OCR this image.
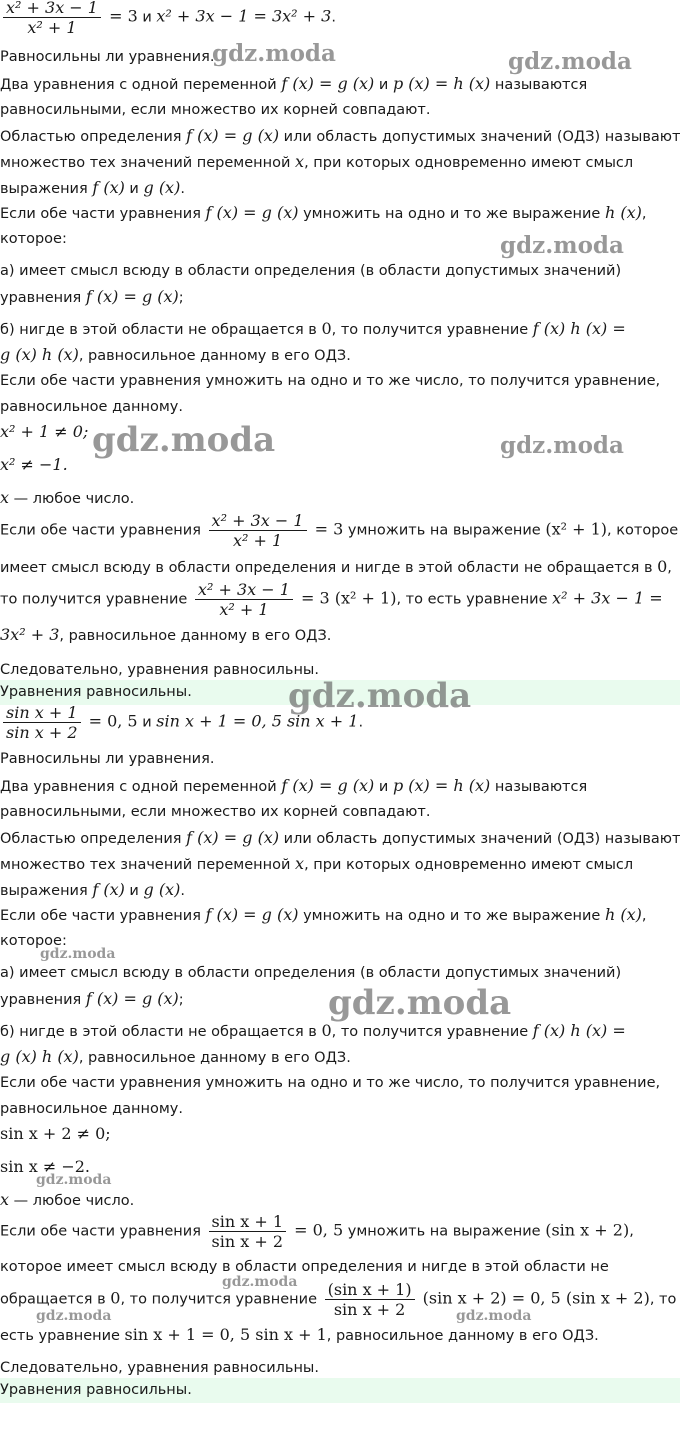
$\frac{\text{x² + 3x − 1}}{\text{x² + 1}} = 3$ и x² + 3x − 1 = 3x² + 3.
Равносильны ли уравнения.
Два уравнения с одной переменной f (x) = g (x) и p (x) = h (x) называются
равносильными, если множество их корней совпадают.
Областью определения f (x) = g (x) или область допустимых значений (ОДЗ) называют
множество тех значений переменной x, при которых одновременно имеют смысл
выражения f (x) и g (x).
Если обе части уравнения f (x) = g (x) умножить на одно и то же выражение h (x),
которое:
а) имеет смысл всюду в области определения (в области допустимых значений)
уравнения f (x) = g (x);
б) нигде в этой области не обращается в 0, то получится уравнение f (x) h (x) =
g (x) h (x), равносильное данному в его ОДЗ.
Если обе части уравнения умножить на одно и то же число, то получится уравнение,
равносильное данному.
x² + 1 ≠ 0;
x² ≠ −1.
x — любое число.
Если обе части уравнения $\frac{\text{x² + 3x − 1}}{\text{x² + 1}} = 3$ умножить на выражение (x² + 1), которое
имеет смысл всюду в области определения и нигде в этой области не обращается в 0,
то получится уравнение $\frac{\text{x² + 3x − 1}}{\text{x² + 1}} = 3$ (x² + 1), то есть уравнение x² + 3x − 1 =
3x² + 3, равносильное данному в его ОДЗ.
Следовательно, уравнения равносильны.
Уравнения равносильны.
$\frac{\text{sin x + 1}}{\text{sin x + 2}} = 0$, 5 и sin x + 1 = 0, 5 sin x + 1.
Равносильны ли уравнения.
Два уравнения с одной переменной f (x) = g (x) и p (x) = h (x) называются
равносильными, если множество их корней совпадают.
Областью определения f (x) = g (x) или область допустимых значений (ОДЗ) называют
множество тех значений переменной x, при которых одновременно имеют смысл
выражения f (x) и g (x).
Если обе части уравнения f (x) = g (x) умножить на одно и то же выражение h (x),
которое:
а) имеет смысл всюду в области определения (в области допустимых значений)
уравнения f (x) = g (x);
б) нигде в этой области не обращается в 0, то получится уравнение f (x) h (x) =
g (x) h (x), равносильное данному в его ОДЗ.
Если обе части уравнения умножить на одно и то же число, то получится уравнение,
равносильное данному.
sin x + 2 ≠ 0;
sin x ≠ −2.
x — любое число.
Если обе части уравнения $\frac{\text{sin x + 1}}{\text{sin x + 2}} = 0$, 5 умножить на выражение (sin x + 2),
которое имеет смысл всюду в области определения и нигде в этой области не
обращается в 0, то получится уравнение $\frac{\text{(sin x + 1)}}{\text{sin x + 2}} (\sin$ x + 2) = 0, 5 (sin x + 2), то
есть уравнение sin x + 1 = 0, 5 sin x + 1, равносильное данному в его ОДЗ.
Следовательно, уравнения равносильны.
Уравнения равносильны.
gdz.moda	gdz.moda
gdz.moda
gdz.moda	gdz.moda
gdz.moda
gdz.moda
gdz.moda
gdz.moda
gdz.moda
gdz.moda	gdz.moda
